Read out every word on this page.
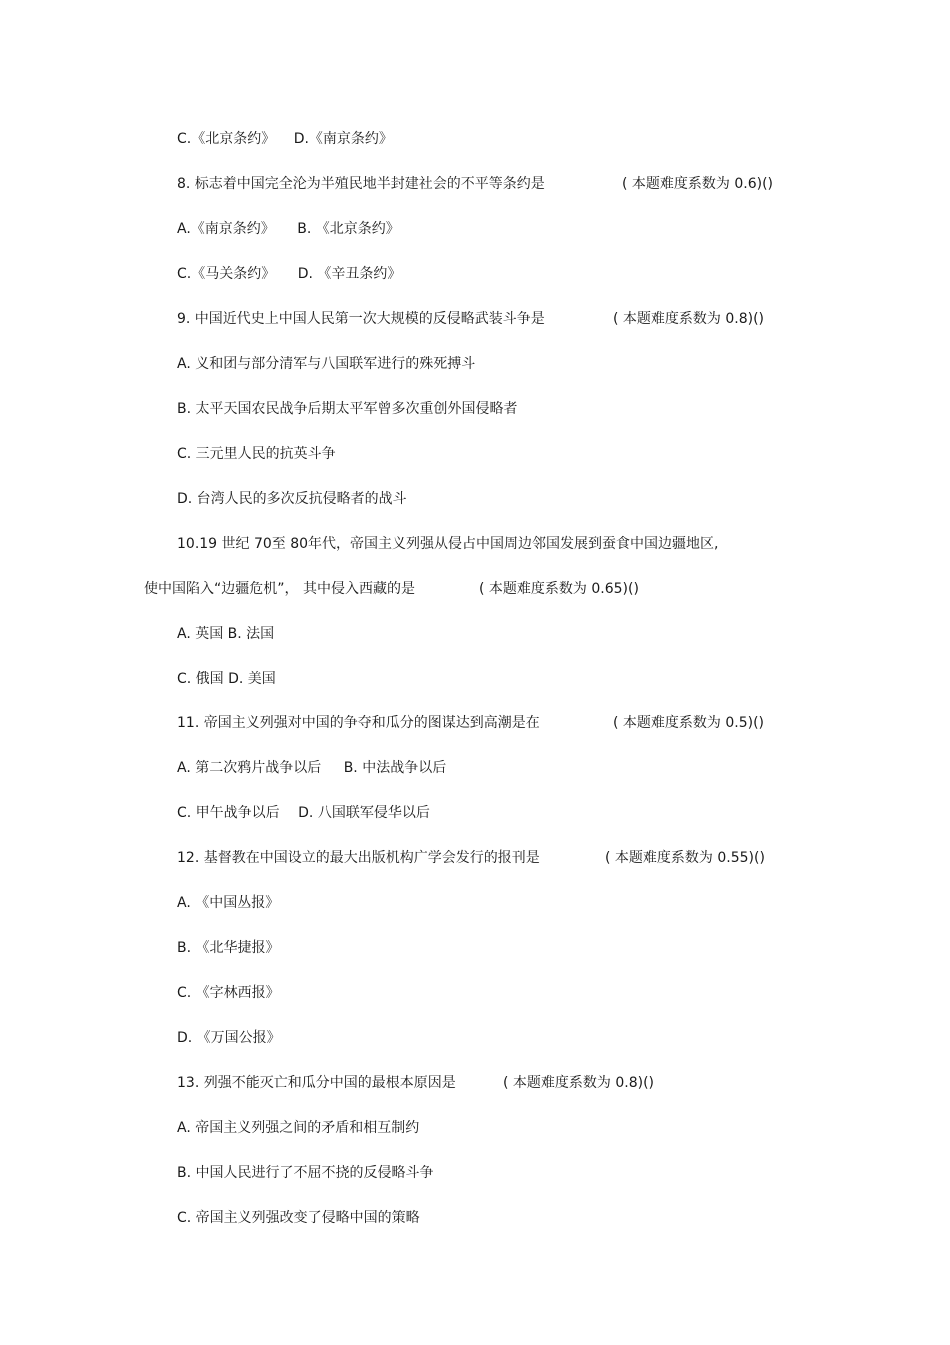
C.《北京条约》 D.《南京条约》
8. 标志着中国完全沦为半殖民地半封建社会的不平等条约是	( 本题难度系数为 0.6)()
A.《南京条约》 B. 《北京条约》
C.《马关条约》 D. 《辛丑条约》
9. 中国近代史上中国人民第一次大规模的反侵略武装斗争是	( 本题难度系数为 0.8)()
A. 义和团与部分清军与八国联军进行的殊死搏斗
B. 太平天国农民战争后期太平军曾多次重创外国侵略者
C. 三元里人民的抗英斗争
D. 台湾人民的多次反抗侵略者的战斗
10.19 世纪 70至 80年代，帝国主义列强从侵占中国周边邻国发展到蚕食中国边疆地区,
使中国陷入“边疆危机”， 其中侵入西藏的是	( 本题难度系数为 0.65)()
A. 英国 B. 法国
C. 俄国 D. 美国
11. 帝国主义列强对中国的争夺和瓜分的图谋达到高潮是在	( 本题难度系数为 0.5)()
A. 第二次鸦片战争以后 B. 中法战争以后
C. 甲午战争以后 D. 八国联军侵华以后
12. 基督教在中国设立的最大出版机构广学会发行的报刊是	( 本题难度系数为 0.55)()
A. 《中国丛报》
B. 《北华捷报》
C. 《字林西报》
D. 《万国公报》
13. 列强不能灭亡和瓜分中国的最根本原因是	( 本题难度系数为 0.8)()
A. 帝国主义列强之间的矛盾和相互制约
B. 中国人民进行了不屈不挠的反侵略斗争
C. 帝国主义列强改变了侵略中国的策略
